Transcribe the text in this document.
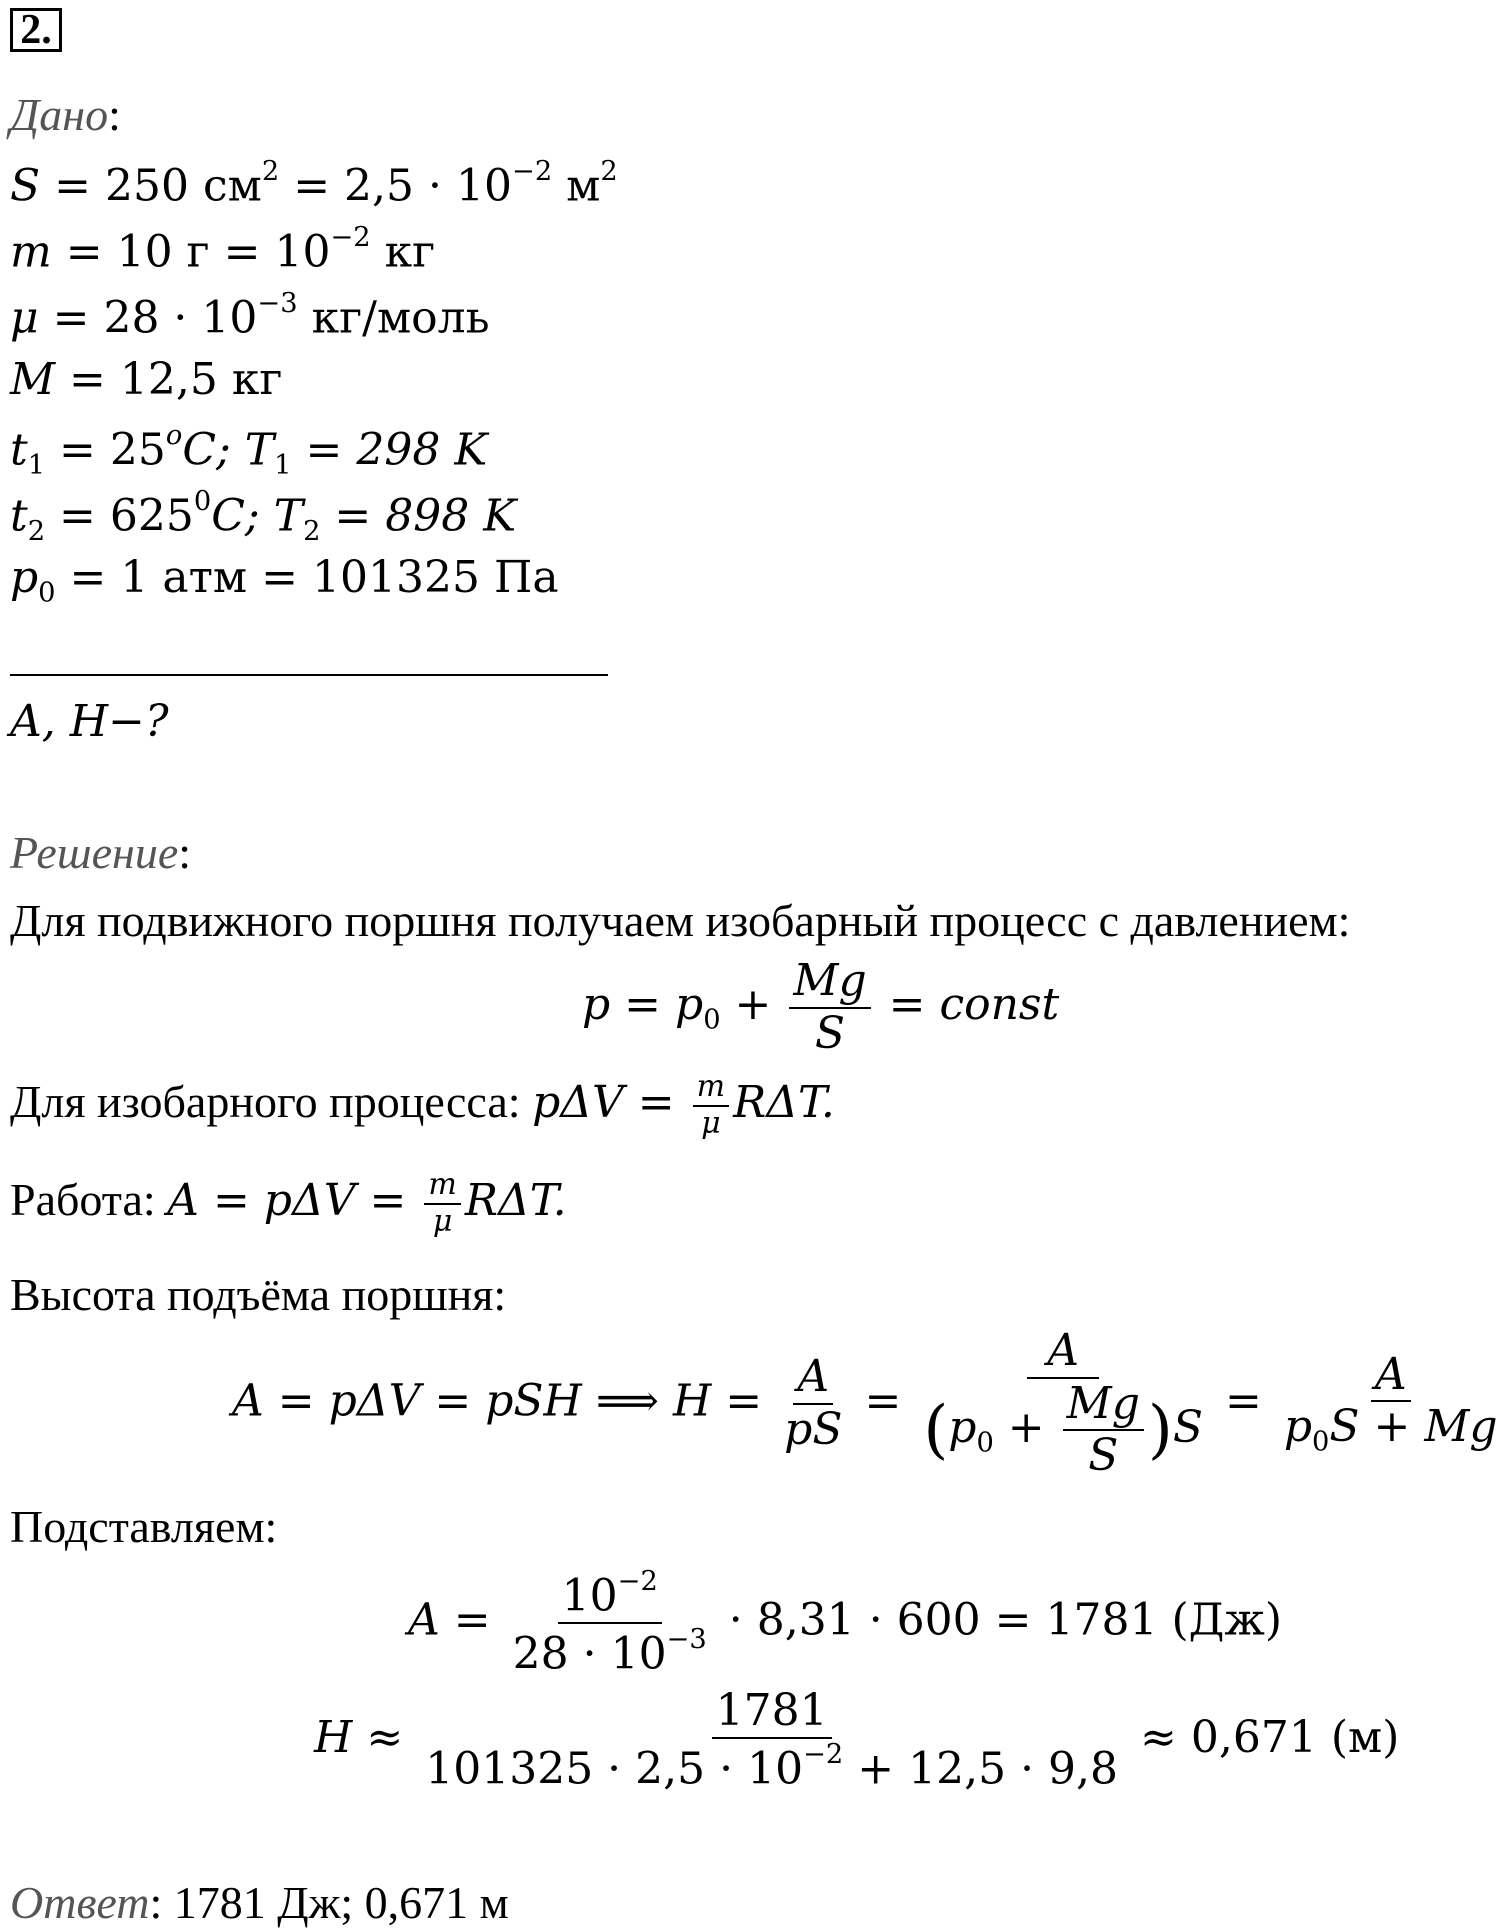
2.
Дано:
S = 250 $см^2 = 2,5 \cdot 10^{-2}$ $м^2$
m = 10 $г = 10^{-2}$ кг
$\mu = 28 \cdot 10^{-3}$ кг/моль
M = 12,5 кг
$t_1 = 25^oC$; $T_1 = 298$ K
$t_2 = 625^0C$; $T_2 = 898$ K
$p_0 = 1$ атм = 101325 Па
A, H−?
Решение:
Для подвижного поршня получаем изобарный процесс с давлением:
$p = p_0 + \frac{Mg}{S}$ = const
Для изобарного процесса: $p\Delta V = \frac{m}{\mu} R\Delta T$.
Работа: $A = p\Delta V = \frac{m}{\mu} R\Delta T$.
Высота подъёма поршня:
A = pΔV = pSH ⟹ $H = \frac{A}{pS} = \frac{A}{(p_0 + \frac{Mg}{S} )S} = \frac{A}{p_0S + Mg}$
Подставляем:
$A = \frac{10^{-2}}{28 \cdot 10^{-3}} \cdot 8,31 \cdot 600 = 1781$ (Дж)
$H \approx \frac{1781}{101325 \cdot 2,5 \cdot 10^{-2} + 12,5 \cdot 9,8} \approx 0,671$ (м)
Ответ: 1781 Дж; 0,671 м
